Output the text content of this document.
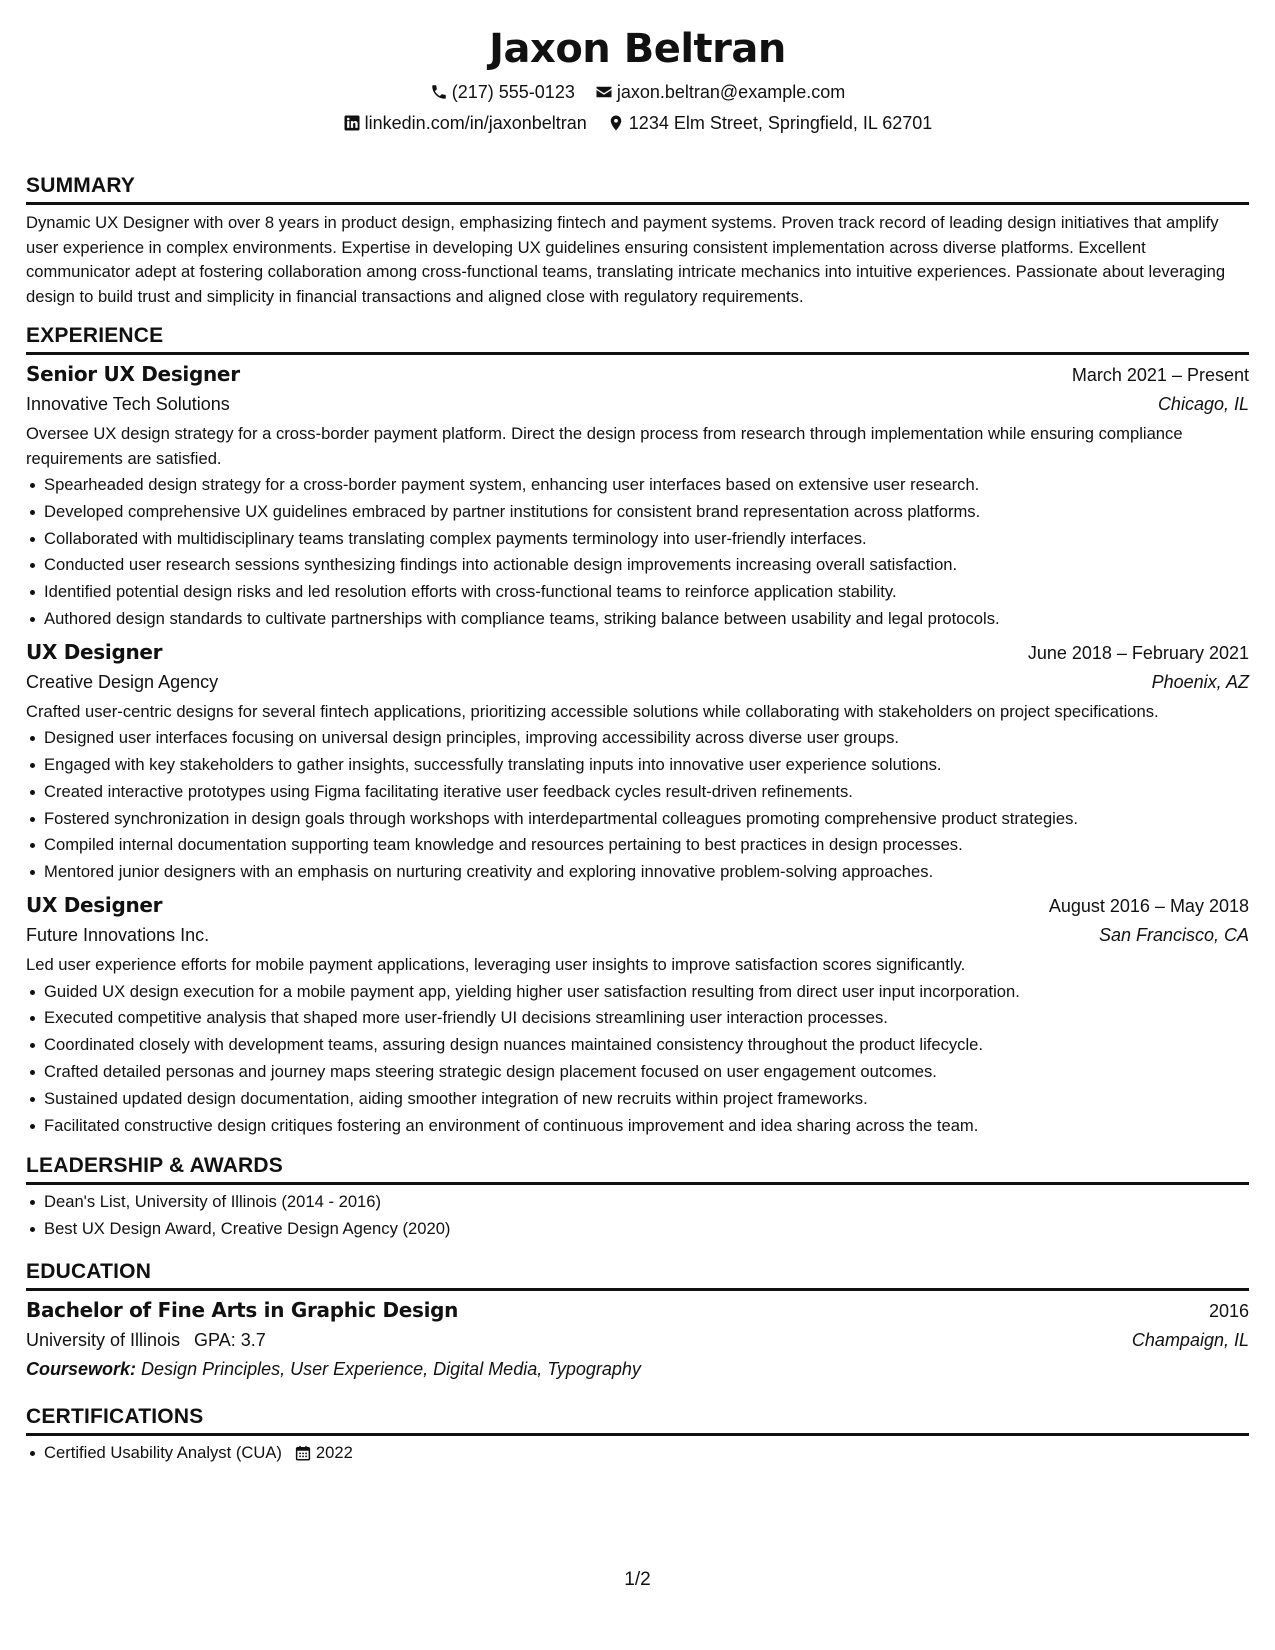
Jaxon Beltran
(217) 555-0123 jaxon.beltran@example.com
linkedin.com/in/jaxonbeltran 1234 Elm Street, Springfield, IL 62701
SUMMARY
Dynamic UX Designer with over 8 years in product design, emphasizing fintech and payment systems. Proven track record of leading design initiatives that amplify user experience in complex environments. Expertise in developing UX guidelines ensuring consistent implementation across diverse platforms. Excellent communicator adept at fostering collaboration among cross-functional teams, translating intricate mechanics into intuitive experiences. Passionate about leveraging design to build trust and simplicity in financial transactions and aligned close with regulatory requirements.
EXPERIENCE
Senior UX Designer	March 2021 – Present
Innovative Tech Solutions	Chicago, IL
Oversee UX design strategy for a cross-border payment platform. Direct the design process from research through implementation while ensuring compliance requirements are satisfied.
Spearheaded design strategy for a cross-border payment system, enhancing user interfaces based on extensive user research.
Developed comprehensive UX guidelines embraced by partner institutions for consistent brand representation across platforms.
Collaborated with multidisciplinary teams translating complex payments terminology into user-friendly interfaces.
Conducted user research sessions synthesizing findings into actionable design improvements increasing overall satisfaction.
Identified potential design risks and led resolution efforts with cross-functional teams to reinforce application stability.
Authored design standards to cultivate partnerships with compliance teams, striking balance between usability and legal protocols.
UX Designer	June 2018 – February 2021
Creative Design Agency	Phoenix, AZ
Crafted user-centric designs for several fintech applications, prioritizing accessible solutions while collaborating with stakeholders on project specifications.
Designed user interfaces focusing on universal design principles, improving accessibility across diverse user groups.
Engaged with key stakeholders to gather insights, successfully translating inputs into innovative user experience solutions.
Created interactive prototypes using Figma facilitating iterative user feedback cycles result-driven refinements.
Fostered synchronization in design goals through workshops with interdepartmental colleagues promoting comprehensive product strategies.
Compiled internal documentation supporting team knowledge and resources pertaining to best practices in design processes.
Mentored junior designers with an emphasis on nurturing creativity and exploring innovative problem-solving approaches.
UX Designer	August 2016 – May 2018
Future Innovations Inc.	San Francisco, CA
Led user experience efforts for mobile payment applications, leveraging user insights to improve satisfaction scores significantly.
Guided UX design execution for a mobile payment app, yielding higher user satisfaction resulting from direct user input incorporation.
Executed competitive analysis that shaped more user-friendly UI decisions streamlining user interaction processes.
Coordinated closely with development teams, assuring design nuances maintained consistency throughout the product lifecycle.
Crafted detailed personas and journey maps steering strategic design placement focused on user engagement outcomes.
Sustained updated design documentation, aiding smoother integration of new recruits within project frameworks.
Facilitated constructive design critiques fostering an environment of continuous improvement and idea sharing across the team.
LEADERSHIP & AWARDS
Dean's List, University of Illinois (2014 - 2016)
Best UX Design Award, Creative Design Agency (2020)
EDUCATION
Bachelor of Fine Arts in Graphic Design	2016
University of Illinois GPA: 3.7	Champaign, IL
Coursework: Design Principles, User Experience, Digital Media, Typography
CERTIFICATIONS
Certified Usability Analyst (CUA) 2022
1/2
